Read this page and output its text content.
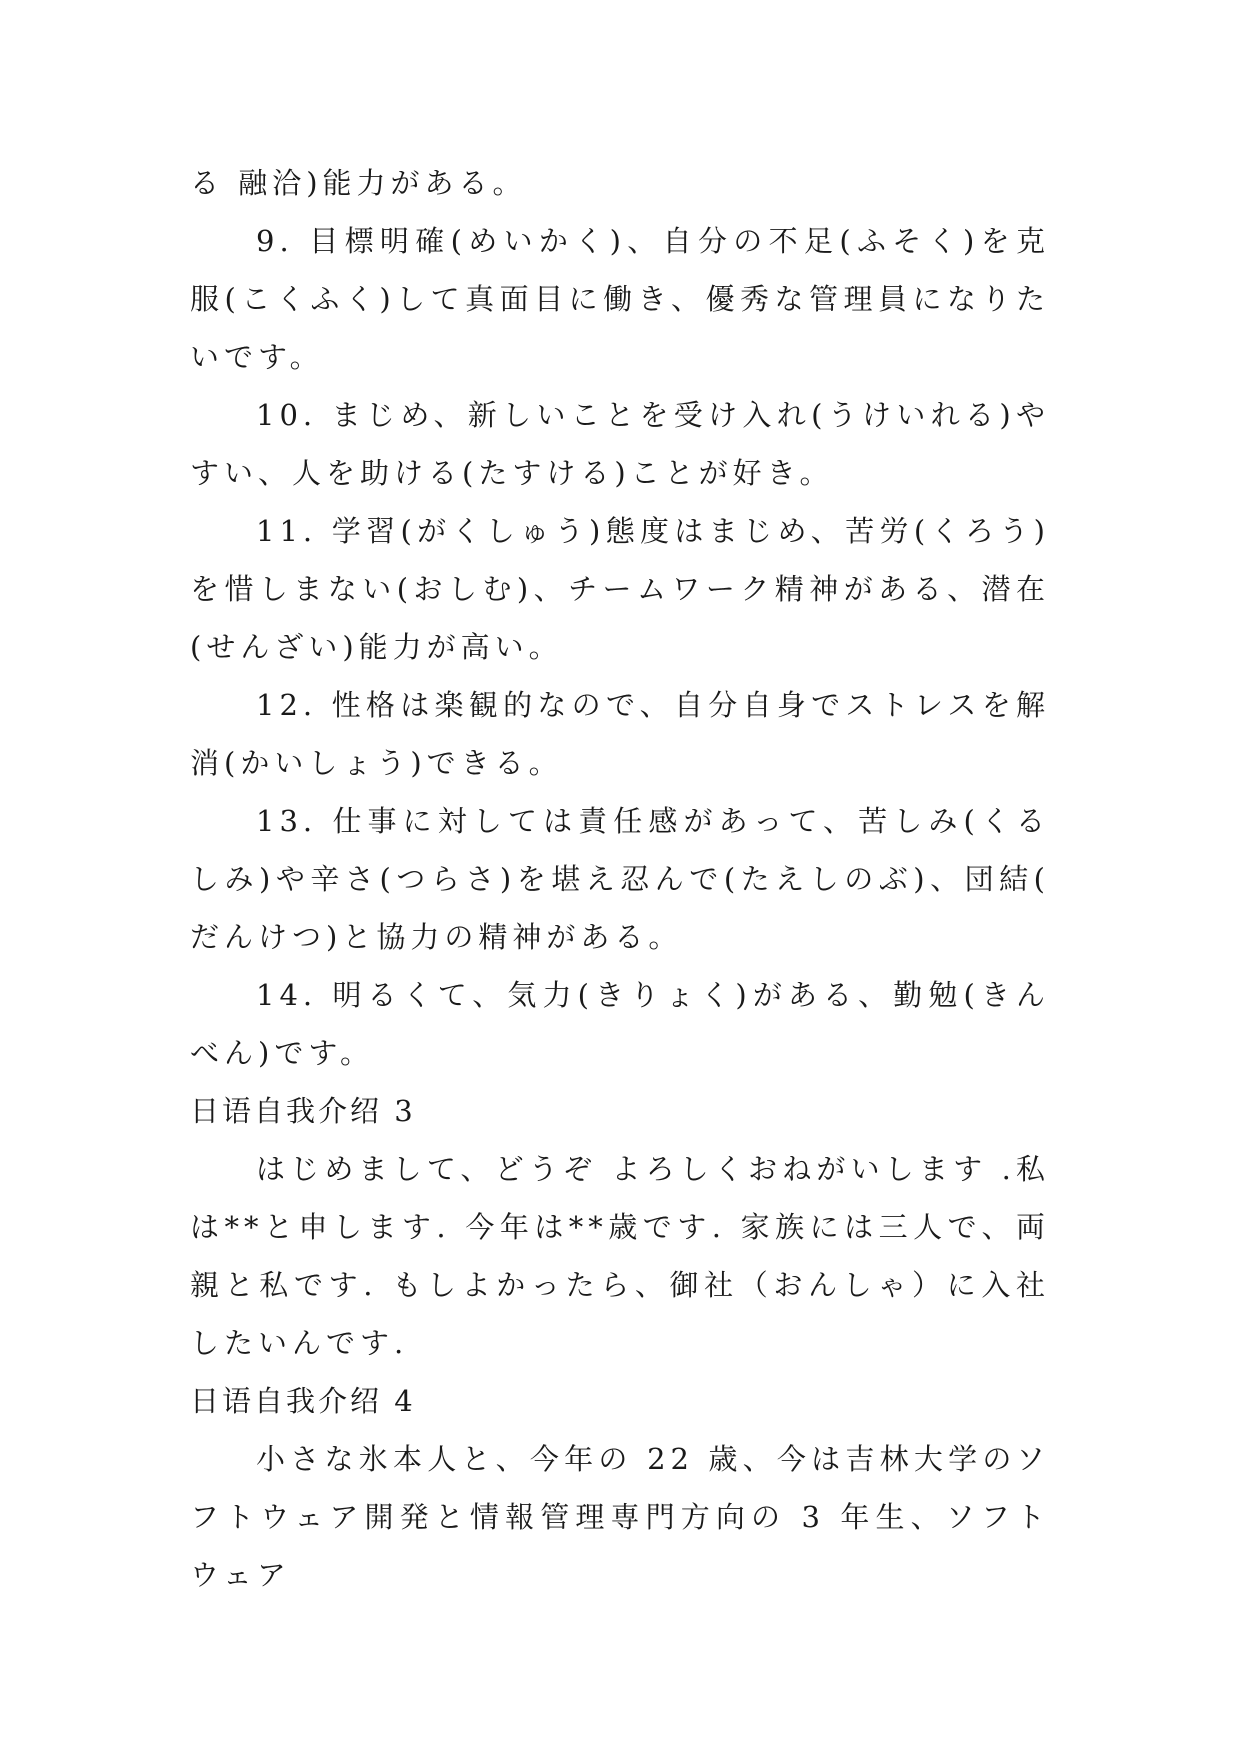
る 融洽)能力がある。

9. 目標明確(めいかく)、自分の不足(ふそく)を克服(こくふく)して真面目に働き、優秀な管理員になりたいです。

10. まじめ、新しいことを受け入れ(うけいれる)やすい、人を助ける(たすける)ことが好き。

11. 学習(がくしゅう)態度はまじめ、苦労(くろう)を惜しまない(おしむ)、チームワーク精神がある、潜在(せんざい)能力が高い。

12. 性格は楽観的なので、自分自身でストレスを解消(かいしょう)できる。

13. 仕事に対しては責任感があって、苦しみ(くるしみ)や辛さ(つらさ)を堪え忍んで(たえしのぶ)、団結(だんけつ)と協力の精神がある。

14. 明るくて、気力(きりょく)がある、勤勉(きんべん)です。

日语自我介绍 3

はじめまして、どうぞ よろしくおねがいします .私は**と申します. 今年は**歳です. 家族には三人で、両親と私です. もしよかったら、御社（おんしゃ）に入社したいんです.

日语自我介绍 4

小さな氷本人と、今年の 22 歳、今は吉林大学のソフトウェア開発と情報管理専門方向の 3 年生、ソフトウェア
